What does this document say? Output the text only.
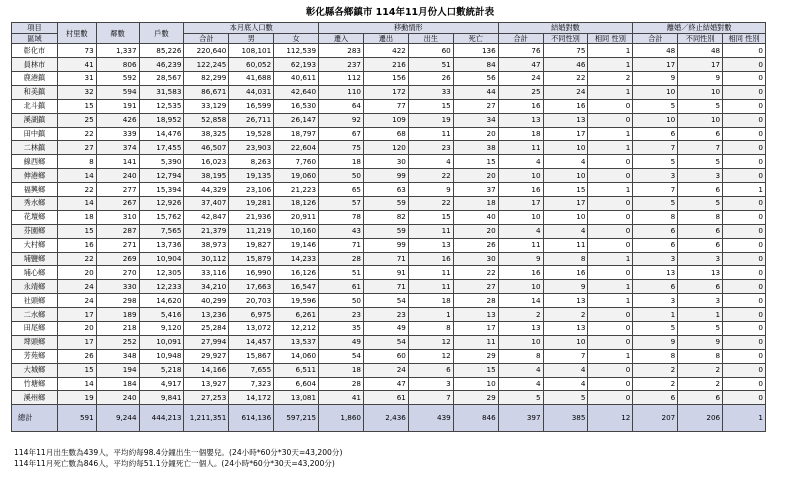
彰化縣各鄉鎮市 114年11月份人口數統計表
項目	村里數	鄰數	戶數	本月底人口數			移動情形				結婚對數			離婚／終止結婚對數		
區域				合計	男	女	遷入	遷出	出生	死亡	合計	不同性別	相同 性別	合計	不同性別	相同 性別
彰化市	73	1,337	85,226	220,640	108,101	112,539	283	422	60	136	76	75	1	48	48	0
員林市	41	806	46,239	122,245	60,052	62,193	237	216	51	84	47	46	1	17	17	0
鹿港鎮	31	592	28,567	82,299	41,688	40,611	112	156	26	56	24	22	2	9	9	0
和美鎮	32	594	31,583	86,671	44,031	42,640	110	172	33	44	25	24	1	10	10	0
北斗鎮	15	191	12,535	33,129	16,599	16,530	64	77	15	27	16	16	0	5	5	0
溪湖鎮	25	426	18,952	52,858	26,711	26,147	92	109	19	34	13	13	0	10	10	0
田中鎮	22	339	14,476	38,325	19,528	18,797	67	68	11	20	18	17	1	6	6	0
二林鎮	27	374	17,455	46,507	23,903	22,604	75	120	23	38	11	10	1	7	7	0
線西鄉	8	141	5,390	16,023	8,263	7,760	18	30	4	15	4	4	0	5	5	0
伸港鄉	14	240	12,794	38,195	19,135	19,060	50	99	22	20	10	10	0	3	3	0
福興鄉	22	277	15,394	44,329	23,106	21,223	65	63	9	37	16	15	1	7	6	1
秀水鄉	14	267	12,926	37,407	19,281	18,126	57	59	22	18	17	17	0	5	5	0
花壇鄉	18	310	15,762	42,847	21,936	20,911	78	82	15	40	10	10	0	8	8	0
芬園鄉	15	287	7,565	21,379	11,219	10,160	43	59	11	20	4	4	0	6	6	0
大村鄉	16	271	13,736	38,973	19,827	19,146	71	99	13	26	11	11	0	6	6	0
埔鹽鄉	22	269	10,904	30,112	15,879	14,233	28	71	16	30	9	8	1	3	3	0
埔心鄉	20	270	12,305	33,116	16,990	16,126	51	91	11	22	16	16	0	13	13	0
永靖鄉	24	330	12,233	34,210	17,663	16,547	61	71	11	27	10	9	1	6	6	0
社頭鄉	24	298	14,620	40,299	20,703	19,596	50	54	18	28	14	13	1	3	3	0
二水鄉	17	189	5,416	13,236	6,975	6,261	23	23	1	13	2	2	0	1	1	0
田尾鄉	20	218	9,120	25,284	13,072	12,212	35	49	8	17	13	13	0	5	5	0
埤頭鄉	17	252	10,091	27,994	14,457	13,537	49	54	12	11	10	10	0	9	9	0
芳苑鄉	26	348	10,948	29,927	15,867	14,060	54	60	12	29	8	7	1	8	8	0
大城鄉	15	194	5,218	14,166	7,655	6,511	18	24	6	15	4	4	0	2	2	0
竹塘鄉	14	184	4,917	13,927	7,323	6,604	28	47	3	10	4	4	0	2	2	0
溪州鄉	19	240	9,841	27,253	14,172	13,081	41	61	7	29	5	5	0	6	6	0
總計	591	9,244	444,213	1,211,351	614,136	597,215	1,860	2,436	439	846	397	385	12	207	206	1
114年11月出生數為439人，平均約每98.4分鐘出生一個嬰兒。(24小時*60分*30天=43,200分)
114年11月死亡數為846人，平均約每51.1分鐘死亡一個人。(24小時*60分*30天=43,200分)
